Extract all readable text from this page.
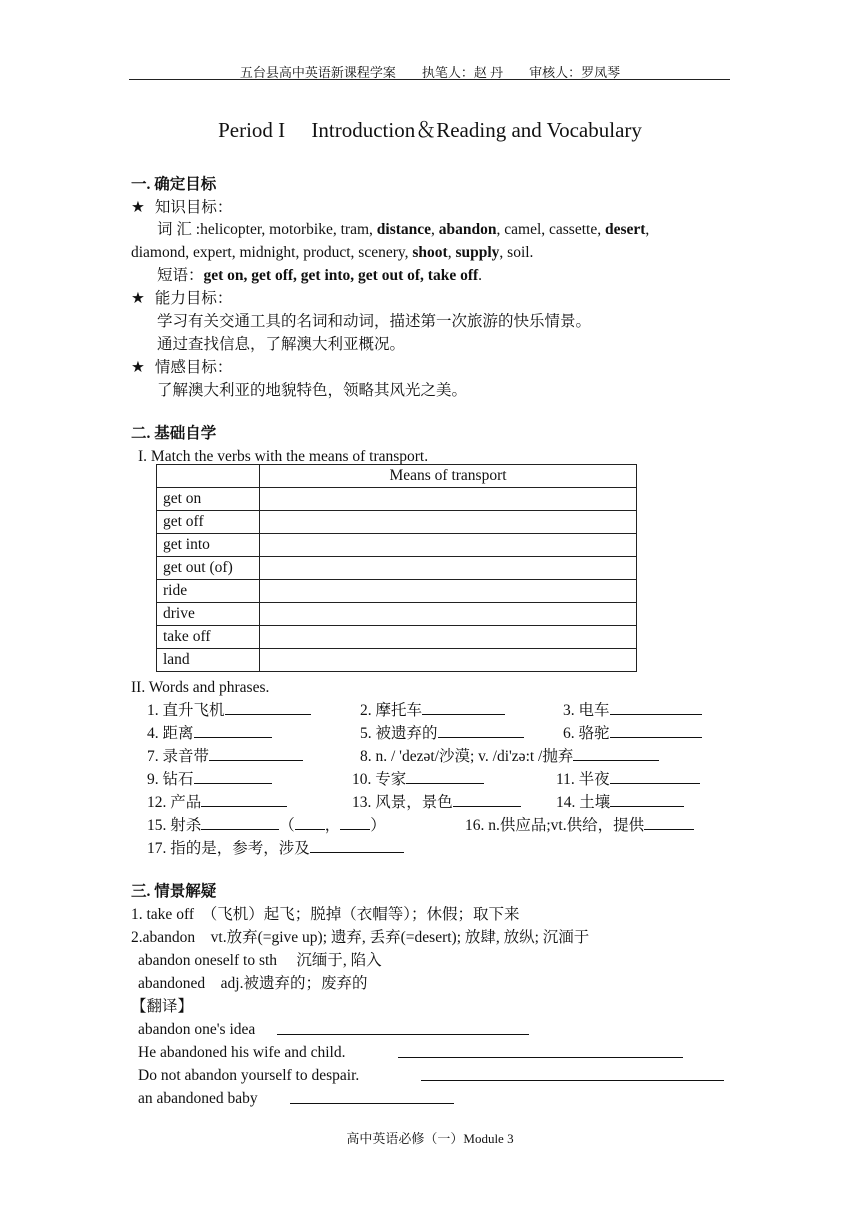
五台县高中英语新课程学案　　执笔人：赵 丹　　审核人：罗凤琴
Period I　 Introduction＆Reading and Vocabulary
一. 确定目标
★ 知识目标：
词 汇 :helicopter, motorbike, tram, distance, abandon, camel, cassette, desert,
diamond, expert, midnight, product, scenery, shoot, supply, soil.
短语：get on, get off, get into, get out of, take off.
★ 能力目标：
学习有关交通工具的名词和动词，描述第一次旅游的快乐情景。
通过查找信息，了解澳大利亚概况。
★ 情感目标：
了解澳大利亚的地貌特色，领略其风光之美。
二. 基础自学
I. Match the verbs with the means of transport.
	Means of transport
get on	
get off	
get into	
get out (of)	
ride	
drive	
take off	
land	
II. Words and phrases.
1. 直升飞机	2. 摩托车	3. 电车
4. 距离	5. 被遗弃的	6. 骆驼
7. 录音带	8. n. / 'dezət/沙漠; v. /di'zə:t /抛弃
9. 钻石	10. 专家	11. 半夜
12. 产品	13. 风景，景色	14. 土壤
15. 射杀	（ ， ）	16. n.供应品;vt.供给，提供
17. 指的是，参考，涉及
三. 情景解疑
1. take off　（飞机）起飞；脱掉（衣帽等）；休假；取下来
2.abandon　vt.放弃(=give up); 遗弃, 丢弃(=desert); 放肆, 放纵; 沉湎于
abandon oneself to sth　 沉缅于, 陷入
abandoned　adj.被遗弃的；废弃的
【翻译】
abandon one's idea
He abandoned his wife and child.
Do not abandon yourself to despair.
an abandoned baby
高中英语必修（一）Module 3
